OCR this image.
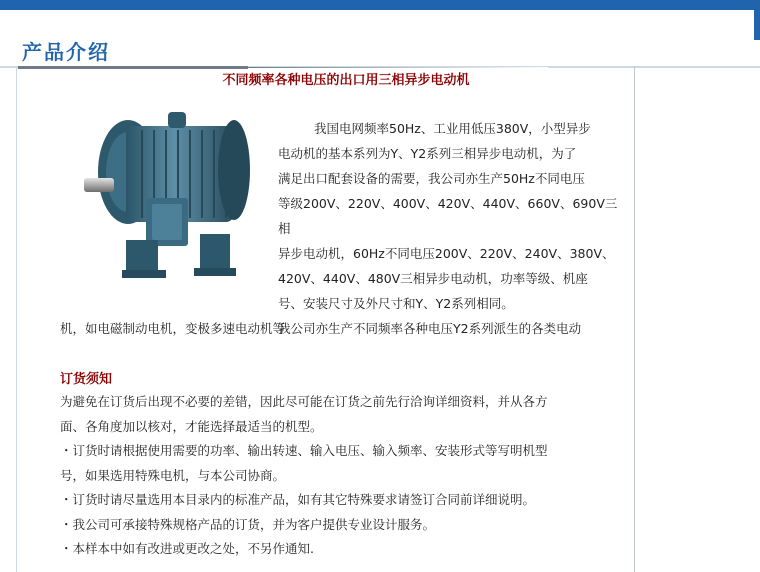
产品介绍
不同频率各种电压的出口用三相异步电动机
我国电网频率50Hz、工业用低压380V，小型异步
电动机的基本系列为Y、Y2系列三相异步电动机，为了
满足出口配套设备的需要，我公司亦生产50Hz不同电压
等级200V、220V、400V、420V、440V、660V、690V三相
异步电动机，60Hz不同电压200V、220V、240V、380V、
420V、440V、480V三相异步电动机，功率等级、机座
号、安装尺寸及外尺寸和Y、Y2系列相同。
我公司亦生产不同频率各种电压Y2系列派生的各类电动
机，如电磁制动电机，变极多速电动机等
订货须知
为避免在订货后出现不必要的差错，因此尽可能在订货之前先行洽询详细资料，并从各方
面、各角度加以核对，才能选择最适当的机型。
・订货时请根据使用需要的功率、输出转速、输入电压、输入频率、安装形式等写明机型
号，如果选用特殊电机，与本公司协商。
・订货时请尽量选用本目录内的标准产品，如有其它特殊要求请签订合同前详细说明。
・我公司可承接特殊规格产品的订货，并为客户提供专业设计服务。
・本样本中如有改进或更改之处，不另作通知.
